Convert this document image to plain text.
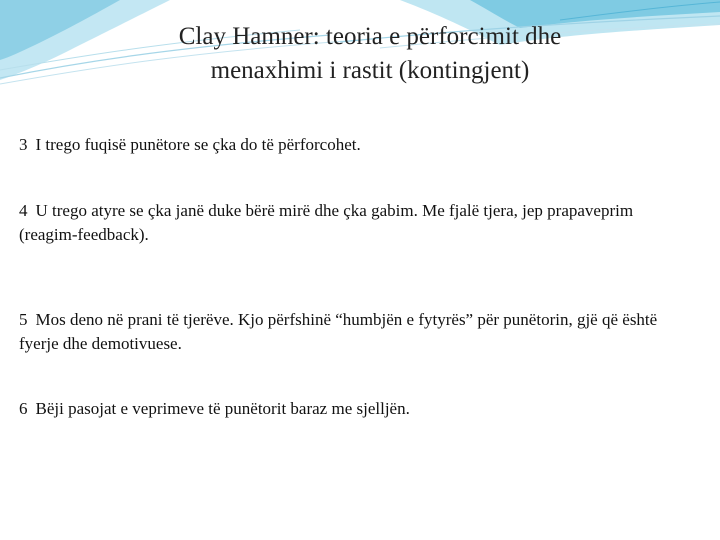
Clay Hamner: teoria e përforcimit dhe
menaxhimi i rastit (kontingjent)
3 I trego fuqisë punëtore se çka do të përforcohet.
4 U trego atyre se çka janë duke bërë mirë dhe çka gabim. Me fjalë tjera, jep prapaveprim (reagim-feedback).
5 Mos deno në prani të tjerëve. Kjo përfshinë “humbjën e fytyrës” për punëtorin, gjë që është fyerje dhe demotivuese.
6 Bëji pasojat e veprimeve të punëtorit baraz me sjelljën.
